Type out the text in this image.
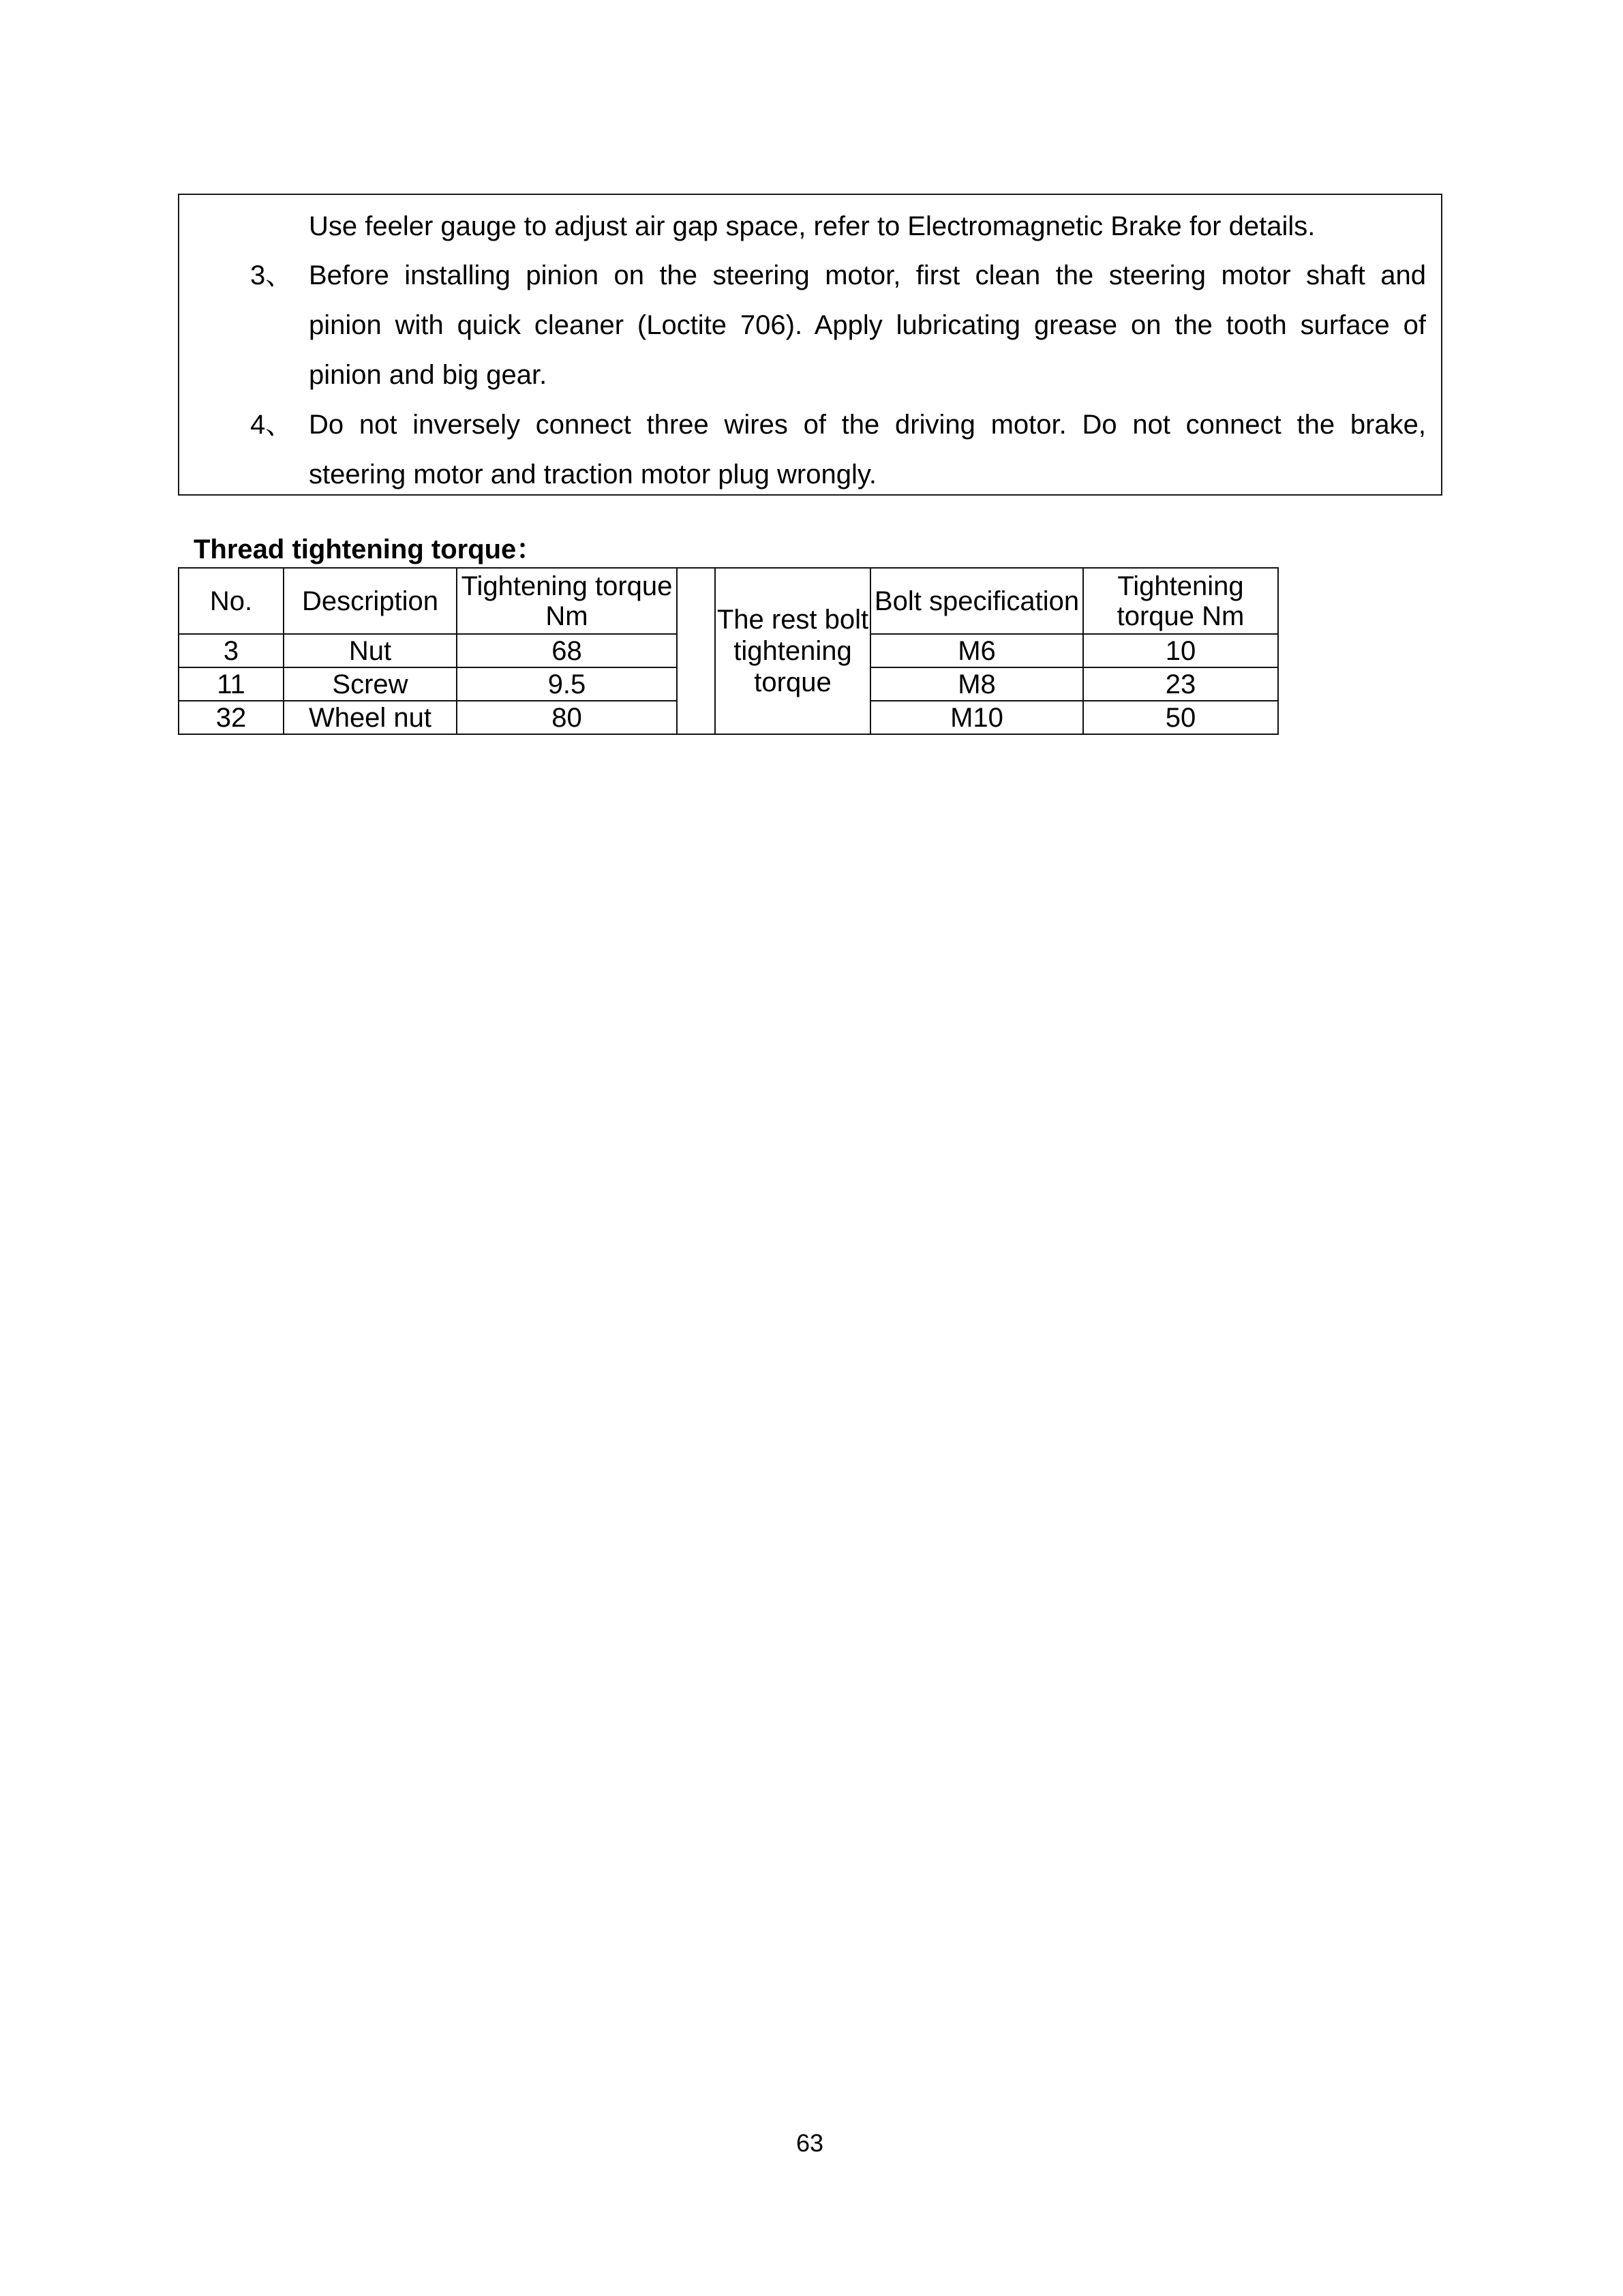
Use feeler gauge to adjust air gap space, refer to Electromagnetic Brake for details.
3、 Before installing pinion on the steering motor, first clean the steering motor shaft and
pinion with quick cleaner (Loctite 706). Apply lubricating grease on the tooth surface of
pinion and big gear.
4、 Do not inversely connect three wires of the driving motor. Do not connect the brake,
steering motor and traction motor plug wrongly.
Thread tightening torque：
No.	Description	Tightening torque Nm		The rest bolt tightening torque	Bolt specification	Tightening torque Nm
3	Nut	68			M6	10
11	Screw	9.5			M8	23
32	Wheel nut	80			M10	50
63
